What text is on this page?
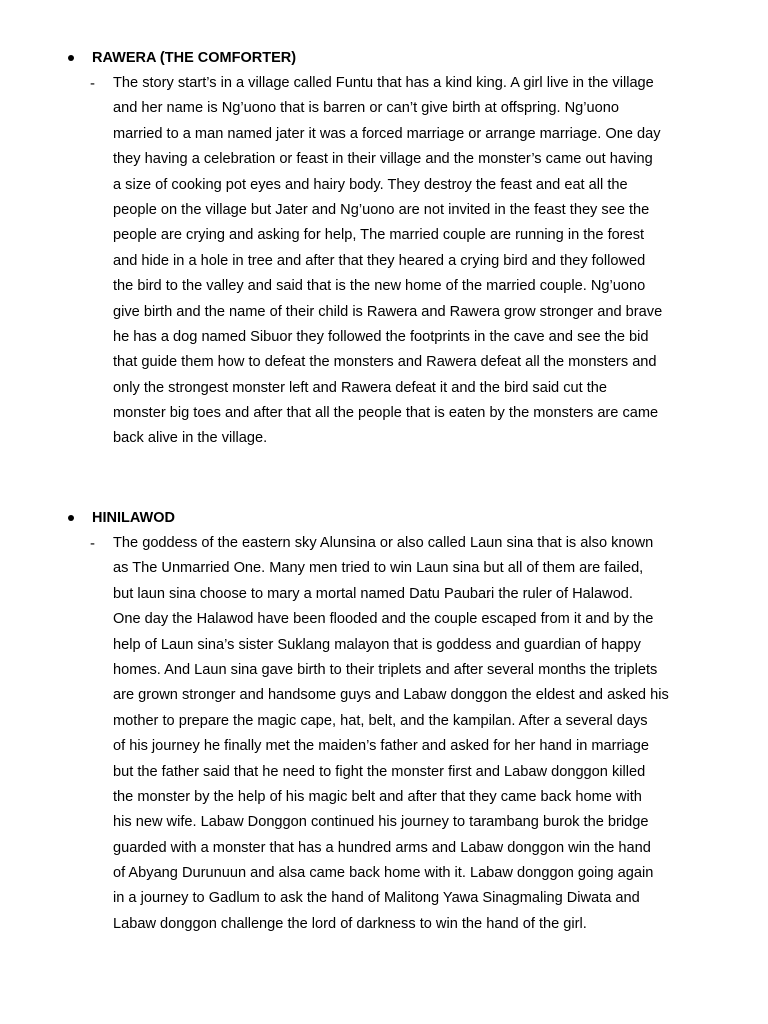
RAWERA (THE COMFORTER)
- The story start’s in a village called Funtu that has a kind king. A girl live in the village
and her name is Ng’uono that is barren or can’t give birth at offspring. Ng’uono
married to a man named jater it was a forced marriage or arrange marriage. One day
they having a celebration or feast in their village and the monster’s came out having
a size of cooking pot eyes and hairy body. They destroy the feast and eat all the
people on the village but Jater and Ng’uono are not invited in the feast they see the
people are crying and asking for help, The married couple are running in the forest
and hide in a hole in tree and after that they heared a crying bird and they followed
the bird to the valley and said that is the new home of the married couple. Ng’uono
give birth and the name of their child is Rawera and Rawera grow stronger and brave
he has a dog named Sibuor they followed the footprints in the cave and see the bid
that guide them how to defeat the monsters and Rawera defeat all the monsters and
only the strongest monster left and Rawera defeat it and the bird said cut the
monster big toes and after that all the people that is eaten by the monsters are came
back alive in the village.
HINILAWOD
- The goddess of the eastern sky Alunsina or also called Laun sina that is also known
as The Unmarried One. Many men tried to win Laun sina but all of them are failed,
but laun sina choose to mary a mortal named Datu Paubari the ruler of Halawod.
One day the Halawod have been flooded and the couple escaped from it and by the
help of Laun sina’s sister Suklang malayon that is goddess and guardian of happy
homes. And Laun sina gave birth to their triplets and after several months the triplets
are grown stronger and handsome guys and Labaw donggon the eldest and asked his
mother to prepare the magic cape, hat, belt, and the kampilan. After a several days
of his journey he finally met the maiden’s father and asked for her hand in marriage
but the father said that he need to fight the monster first and Labaw donggon killed
the monster by the help of his magic belt and after that they came back home with
his new wife. Labaw Donggon continued his journey to tarambang burok the bridge
guarded with a monster that has a hundred arms and Labaw donggon win the hand
of Abyang Durunuun and alsa came back home with it. Labaw donggon going again
in a journey to Gadlum to ask the hand of Malitong Yawa Sinagmaling Diwata and
Labaw donggon challenge the lord of darkness to win the hand of the girl.
